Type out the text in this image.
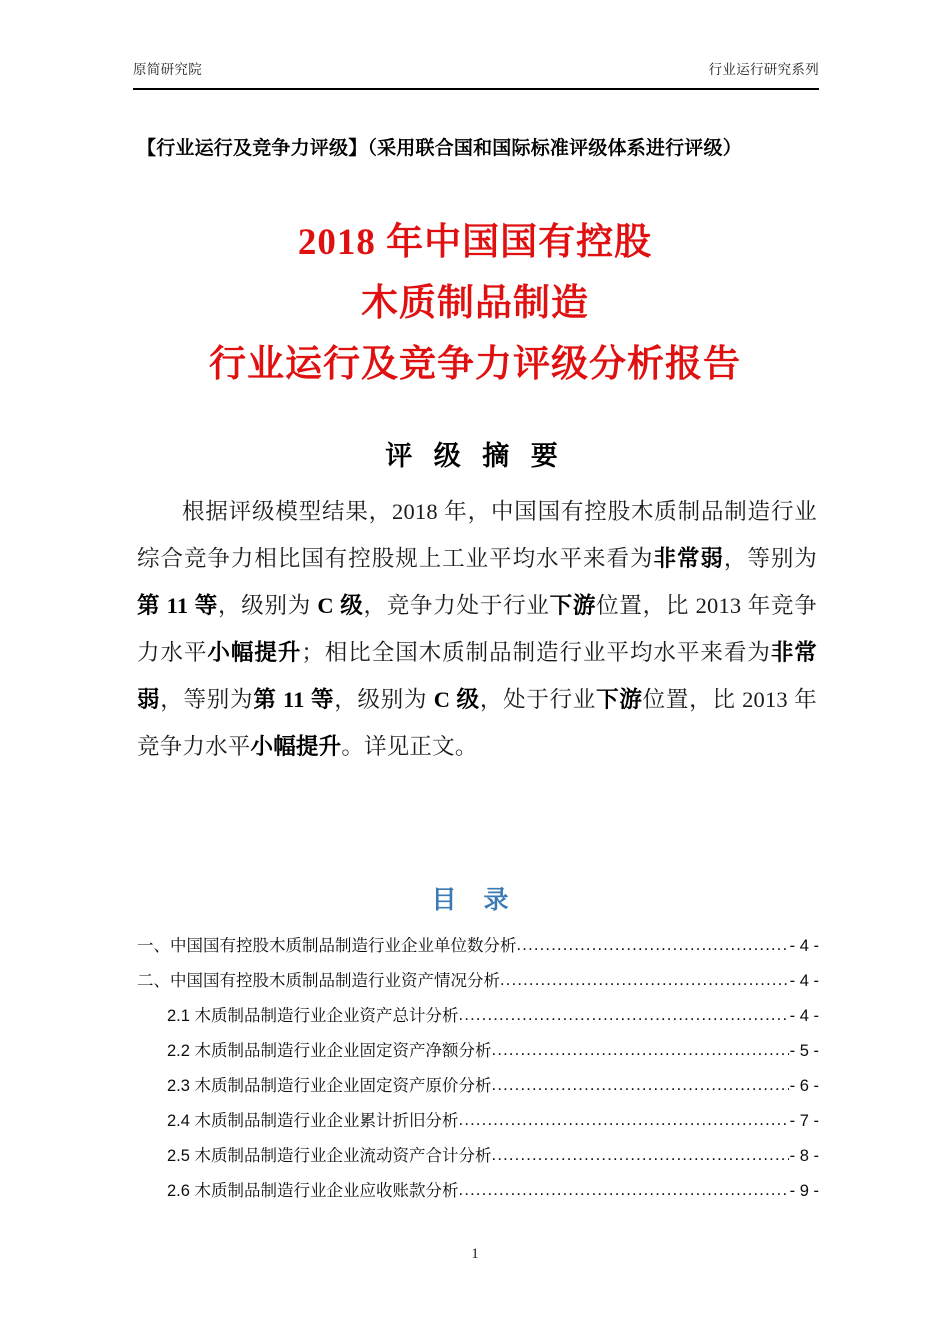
原简研究院	行业运行研究系列
【行业运行及竞争力评级】（采用联合国和国际标准评级体系进行评级）
2018 年中国国有控股
木质制品制造
行业运行及竞争力评级分析报告
评 级 摘 要
根据评级模型结果，2018 年，中国国有控股木质制品制造行业综合竞争力相比国有控股规上工业平均水平来看为非常弱，等别为第 11 等，级别为 C 级，竞争力处于行业下游位置，比 2013 年竞争力水平小幅提升；相比全国木质制品制造行业平均水平来看为非常弱，等别为第 11 等，级别为 C 级，处于行业下游位置，比 2013 年竞争力水平小幅提升。详见正文。
目 录
一、中国国有控股木质制品制造行业企业单位数分析 .....	- 4 -
二、中国国有控股木质制品制造行业资产情况分析 .....	- 4 -
2.1 木质制品制造行业企业资产总计分析 .....	- 4 -
2.2 木质制品制造行业企业固定资产净额分析 .....	- 5 -
2.3 木质制品制造行业企业固定资产原价分析 .....	- 6 -
2.4 木质制品制造行业企业累计折旧分析 .....	- 7 -
2.5 木质制品制造行业企业流动资产合计分析 .....	- 8 -
2.6 木质制品制造行业企业应收账款分析 .....	- 9 -
1
